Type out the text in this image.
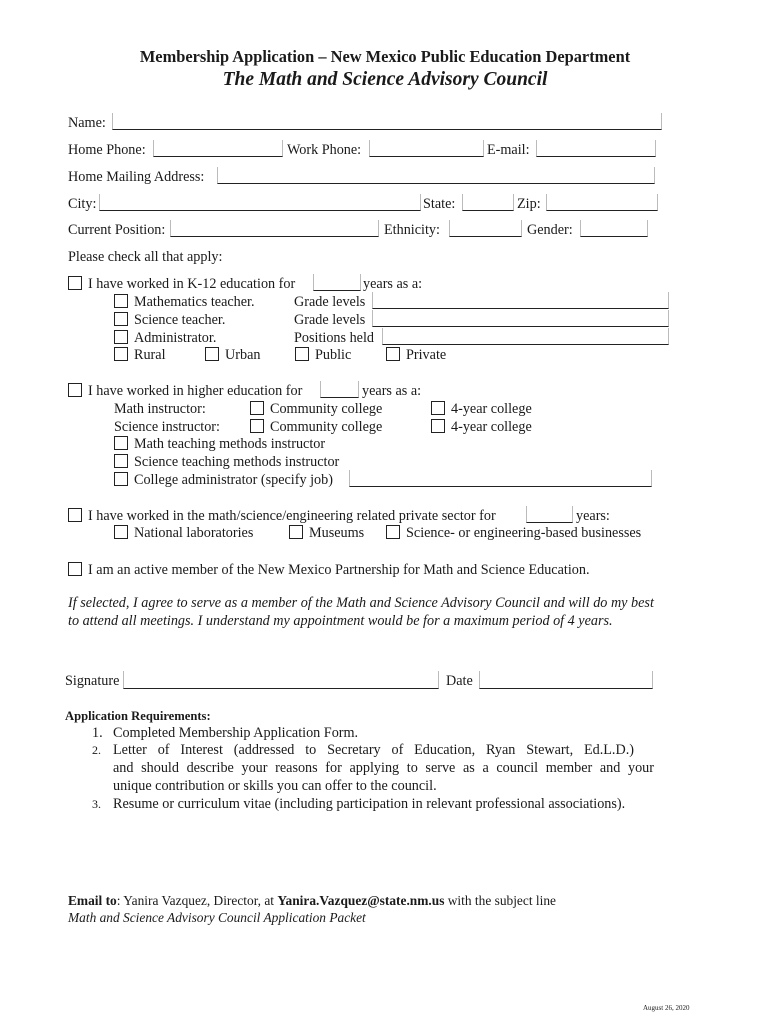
Membership Application – New Mexico Public Education Department
The Math and Science Advisory Council
Name:
Home Phone:	Work Phone:	E-mail:
Home Mailing Address:
City:	State:	Zip:
Current Position:	Ethnicity:	Gender:
Please check all that apply:
I have worked in K-12 education for	years as a:
Mathematics teacher.	Grade levels
Science teacher.	Grade levels
Administrator.	Positions held
Rural	Urban	Public	Private
I have worked in higher education for	years as a:
Math instructor:	Community college	4-year college
Science instructor:	Community college	4-year college
Math teaching methods instructor
Science teaching methods instructor
College administrator (specify job)
I have worked in the math/science/engineering related private sector for	years:
National laboratories	Museums	Science- or engineering-based businesses
I am an active member of the New Mexico Partnership for Math and Science Education.
If selected, I agree to serve as a member of the Math and Science Advisory Council and will do my best
to attend all meetings. I understand my appointment would be for a maximum period of 4 years.
Signature	Date
Application Requirements:
1. Completed Membership Application Form.
2. Letter of Interest (addressed to Secretary of Education, Ryan Stewart, Ed.L.D.)
and should describe your reasons for applying to serve as a council member and your
unique contribution or skills you can offer to the council.
3. Resume or curriculum vitae (including participation in relevant professional associations).
Email to: Yanira Vazquez, Director, at Yanira.Vazquez@state.nm.us with the subject line
Math and Science Advisory Council Application Packet
August 26, 2020
